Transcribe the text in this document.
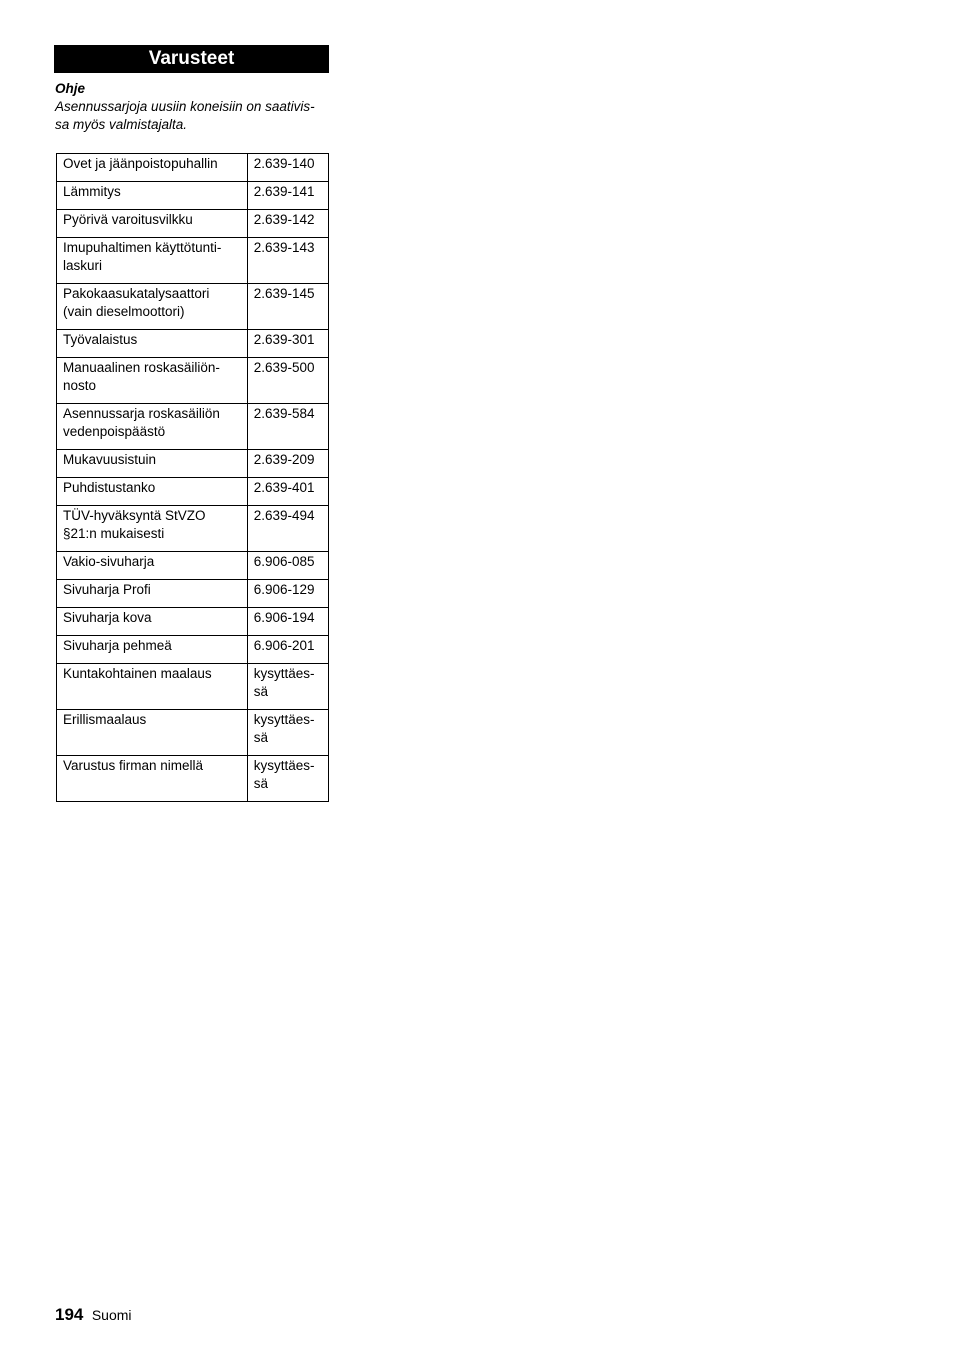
Varusteet
Ohje
Asennussarjoja uusiin koneisiin on saativis-
sa myös valmistajalta.
Ovet ja jäänpoistopuhallin	2.639-140

Lämmitys	2.639-141

Pyörivä varoitusvilkku	2.639-142

Imupuhaltimen käyttötunti-
laskuri	2.639-143

Pakokaasukatalysaattori
(vain dieselmoottori)	2.639-145

Työvalaistus	2.639-301

Manuaalinen roskasäiliön-
nosto	2.639-500

Asennussarja roskasäiliön
vedenpoispäästö	2.639-584

Mukavuusistuin	2.639-209

Puhdistustanko	2.639-401

TÜV-hyväksyntä StVZO
§21:n mukaisesti	2.639-494

Vakio-sivuharja	6.906-085

Sivuharja Profi	6.906-129

Sivuharja kova	6.906-194

Sivuharja pehmeä	6.906-201

Kuntakohtainen maalaus	kysyttäes-
sä

Erillismaalaus	kysyttäes-
sä

Varustus firman nimellä	kysyttäes-
sä
194 Suomi
